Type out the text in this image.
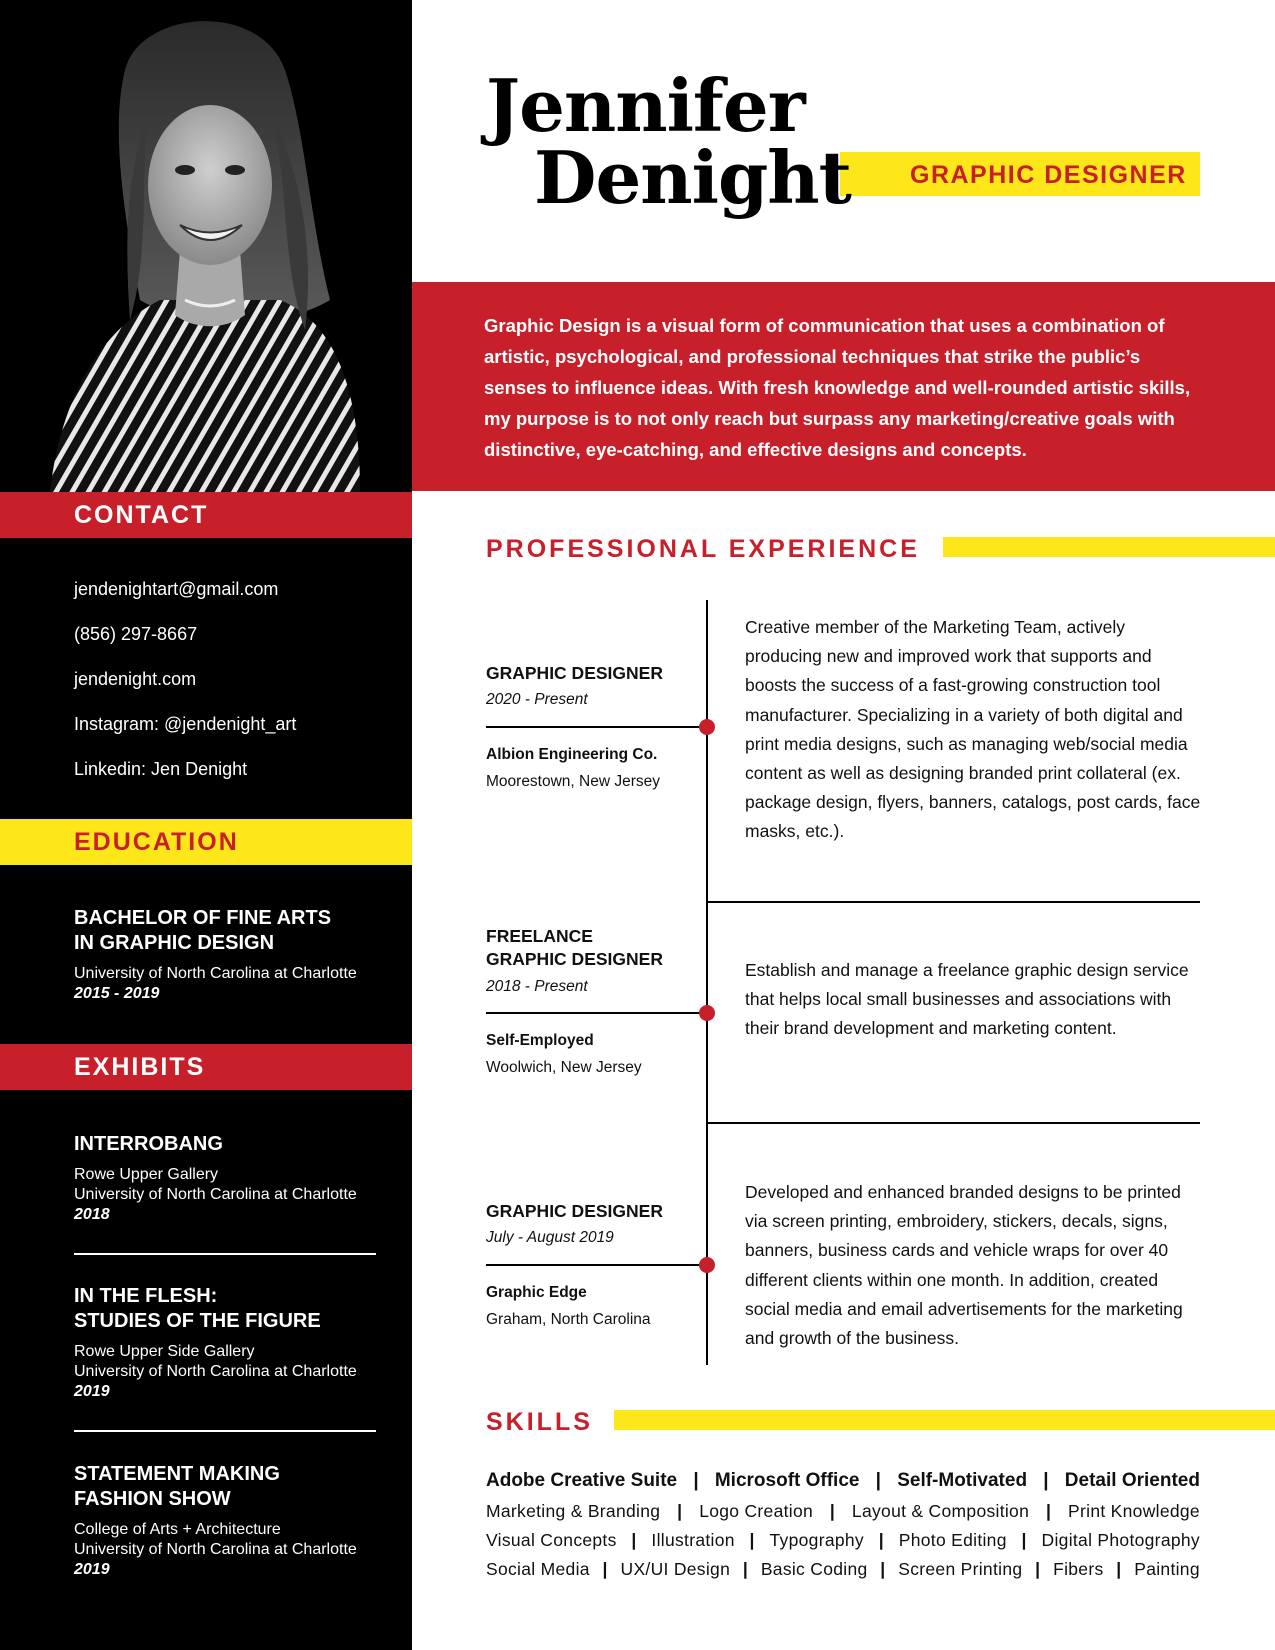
CONTACT
jendenightart@gmail.com
(856) 297-8667
jendenight.com
Instagram: @jendenight_art
Linkedin: Jen Denight
EDUCATION
BACHELOR OF FINE ARTS
IN GRAPHIC DESIGN
University of North Carolina at Charlotte
2015 - 2019
EXHIBITS
INTERROBANG
Rowe Upper Gallery
University of North Carolina at Charlotte
2018
IN THE FLESH:
STUDIES OF THE FIGURE
Rowe Upper Side Gallery
University of North Carolina at Charlotte
2019
STATEMENT MAKING
FASHION SHOW
College of Arts + Architecture
University of North Carolina at Charlotte
2019
Jennifer
Denight GRAPHIC DESIGNER
Graphic Design is a visual form of communication that uses a combination of artistic, psychological, and professional techniques that strike the public’s senses to influence ideas. With fresh knowledge and well-rounded artistic skills, my purpose is to not only reach but surpass any marketing/creative goals with distinctive, eye-catching, and effective designs and concepts.
PROFESSIONAL EXPERIENCE
GRAPHIC DESIGNER
2020 - Present
Albion Engineering Co.
Moorestown, New Jersey
Creative member of the Marketing Team, actively producing new and improved work that supports and boosts the success of a fast-growing construction tool manufacturer. Specializing in a variety of both digital and print media designs, such as managing web/social media content as well as designing branded print collateral (ex. package design, flyers, banners, catalogs, post cards, face masks, etc.).
FREELANCE
GRAPHIC DESIGNER
2018 - Present
Self-Employed
Woolwich, New Jersey
Establish and manage a freelance graphic design service that helps local small businesses and associations with their brand development and marketing content.
GRAPHIC DESIGNER
July - August 2019
Graphic Edge
Graham, North Carolina
Developed and enhanced branded designs to be printed via screen printing, embroidery, stickers, decals, signs, banners, business cards and vehicle wraps for over 40 different clients within one month. In addition, created social media and email advertisements for the marketing and growth of the business.
SKILLS
Adobe Creative Suite | Microsoft Office | Self-Motivated | Detail Oriented
Marketing & Branding | Logo Creation | Layout & Composition | Print Knowledge
Visual Concepts | Illustration | Typography | Photo Editing | Digital Photography
Social Media | UX/UI Design | Basic Coding | Screen Printing | Fibers | Painting
